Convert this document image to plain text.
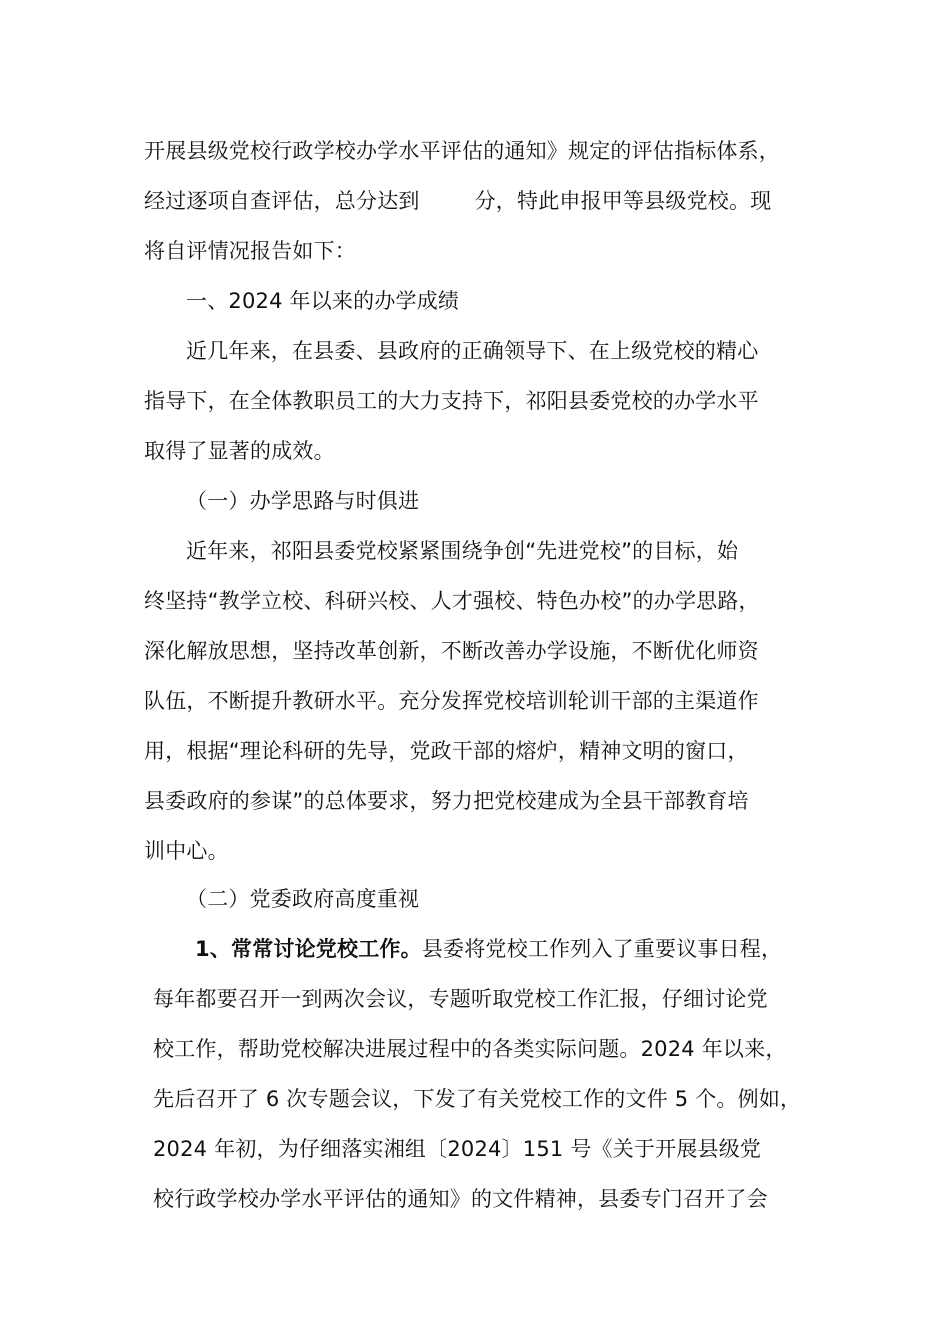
开展县级党校行政学校办学水平评估的通知》规定的评估指标体系，
经过逐项自查评估，总分达到        分，特此申报甲等县级党校。现
将自评情况报告如下：
一、2024 年以来的办学成绩
近几年来，在县委、县政府的正确领导下、在上级党校的精心
指导下，在全体教职员工的大力支持下，祁阳县委党校的办学水平
取得了显著的成效。
（一）办学思路与时俱进
近年来，祁阳县委党校紧紧围绕争创“先进党校”的目标，始
终坚持“教学立校、科研兴校、人才强校、特色办校”的办学思路，
深化解放思想，坚持改革创新，不断改善办学设施，不断优化师资
队伍，不断提升教研水平。充分发挥党校培训轮训干部的主渠道作
用，根据“理论科研的先导，党政干部的熔炉，精神文明的窗口，
县委政府的参谋”的总体要求，努力把党校建成为全县干部教育培
训中心。
（二）党委政府高度重视
1、常常讨论党校工作。县委将党校工作列入了重要议事日程，
每年都要召开一到两次会议，专题听取党校工作汇报，仔细讨论党
校工作，帮助党校解决进展过程中的各类实际问题。2024 年以来，
先后召开了 6 次专题会议，下发了有关党校工作的文件 5 个。例如，
2024 年初，为仔细落实湘组〔2024〕151 号《关于开展县级党
校行政学校办学水平评估的通知》的文件精神，县委专门召开了会
